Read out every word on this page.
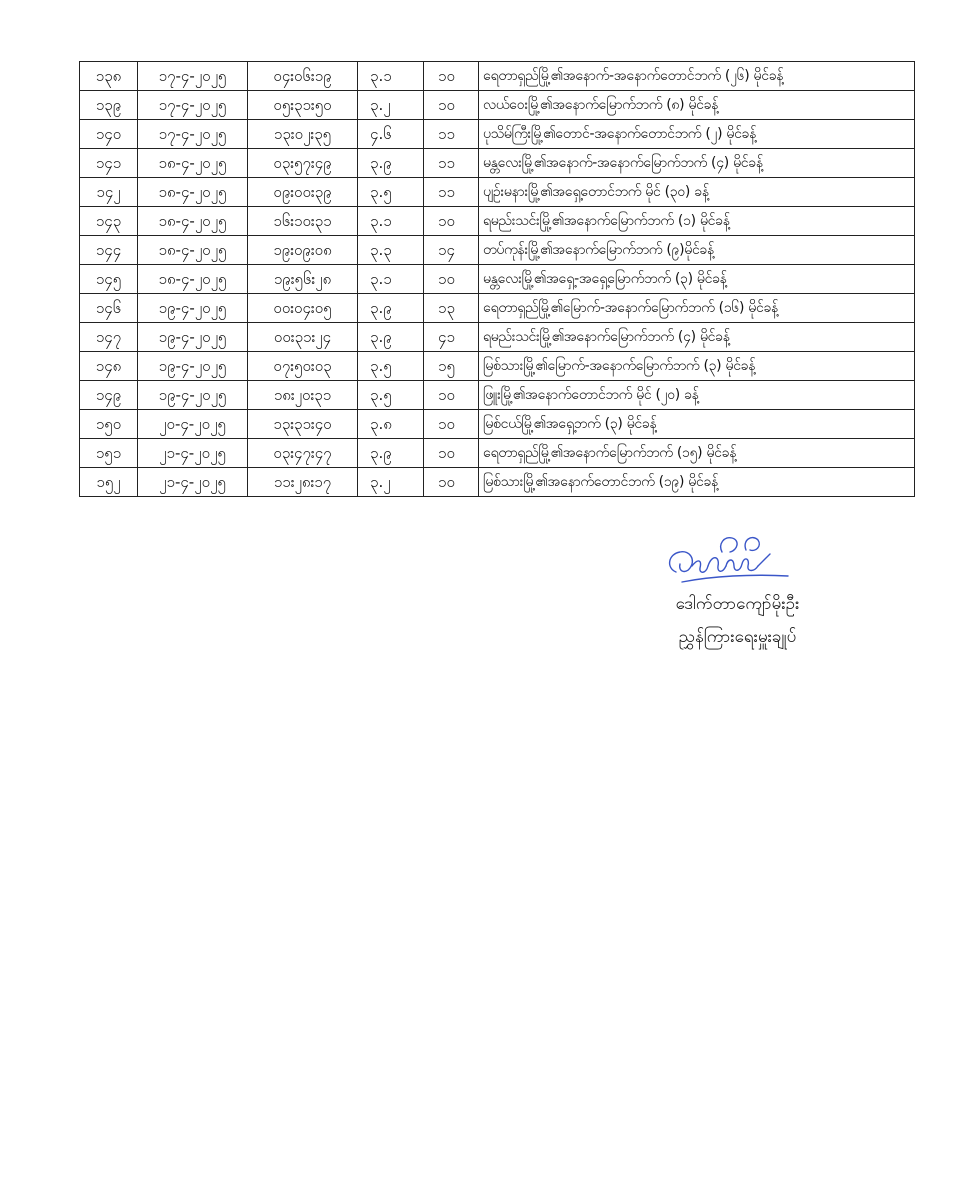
၁၃၈	၁၇-၄-၂၀၂၅	၀၄း၀၆း၁၉	၃.၁	၁၀	ရေတာရှည်မြို့၏အနောက်-အနောက်တောင်ဘက် (၂၆) မိုင်ခန့်
၁၃၉	၁၇-၄-၂၀၂၅	၀၅း၃၁း၅၀	၃.၂	၁၀	လယ်ဝေးမြို့၏အနောက်မြောက်ဘက် (၈) မိုင်ခန့်
၁၄၀	၁၇-၄-၂၀၂၅	၁၃း၀၂း၃၅	၄.၆	၁၁	ပုသိမ်ကြီးမြို့၏တောင်-အနောက်တောင်ဘက် (၂) မိုင်ခန့်
၁၄၁	၁၈-၄-၂၀၂၅	၀၃း၅၇း၄၉	၃.၉	၁၁	မန္တလေးမြို့၏အနောက်-အနောက်မြောက်ဘက် (၄) မိုင်ခန့်
၁၄၂	၁၈-၄-၂၀၂၅	၀၉း၀၀း၃၉	၃.၅	၁၁	ပျဉ်းမနားမြို့၏အရှေ့တောင်ဘက် မိုင် (၃၀) ခန့်
၁၄၃	၁၈-၄-၂၀၂၅	၁၆း၁၀း၃၁	၃.၁	၁၀	ရမည်းသင်းမြို့၏အနောက်မြောက်ဘက် (၁) မိုင်ခန့်
၁၄၄	၁၈-၄-၂၀၂၅	၁၉း၀၉း၀၈	၃.၃	၁၄	တပ်ကုန်းမြို့၏အနောက်မြောက်ဘက် (၉)မိုင်ခန့်
၁၄၅	၁၈-၄-၂၀၂၅	၁၉း၅၆း၂၈	၃.၁	၁၀	မန္တလေးမြို့၏အရှေ့-အရှေ့မြောက်ဘက် (၃) မိုင်ခန့်
၁၄၆	၁၉-၄-၂၀၂၅	၀၀း၀၄း၀၅	၃.၉	၁၃	ရေတာရှည်မြို့၏မြောက်-အနောက်မြောက်ဘက် (၁၆) မိုင်ခန့်
၁၄၇	၁၉-၄-၂၀၂၅	၀၀း၃၁း၂၄	၃.၉	၄၁	ရမည်းသင်းမြို့၏အနောက်မြောက်ဘက် (၄) မိုင်ခန့်
၁၄၈	၁၉-၄-၂၀၂၅	၀၇း၅၀း၀၃	၃.၅	၁၅	မြစ်သားမြို့၏မြောက်-အနောက်မြောက်ဘက် (၃) မိုင်ခန့်
၁၄၉	၁၉-၄-၂၀၂၅	၁၈း၂၀း၃၁	၃.၅	၁၀	ဖြူးမြို့၏အနောက်တောင်ဘက် မိုင် (၂၀) ခန့်
၁၅၀	၂၀-၄-၂၀၂၅	၁၃း၃၁း၄၀	၃.၈	၁၀	မြစ်ငယ်မြို့၏အရှေ့ဘက် (၃) မိုင်ခန့်
၁၅၁	၂၁-၄-၂၀၂၅	၀၃း၄၇း၄၇	၃.၉	၁၀	ရေတာရှည်မြို့၏အနောက်မြောက်ဘက် (၁၅) မိုင်ခန့်
၁၅၂	၂၁-၄-၂၀၂၅	၁၁း၂၈း၁၇	၃.၂	၁၀	မြစ်သားမြို့၏အနောက်တောင်ဘက် (၁၉) မိုင်ခန့်
ဒေါက်တာကျော်မိုးဦး
ညွှန်ကြားရေးမှူးချုပ်
